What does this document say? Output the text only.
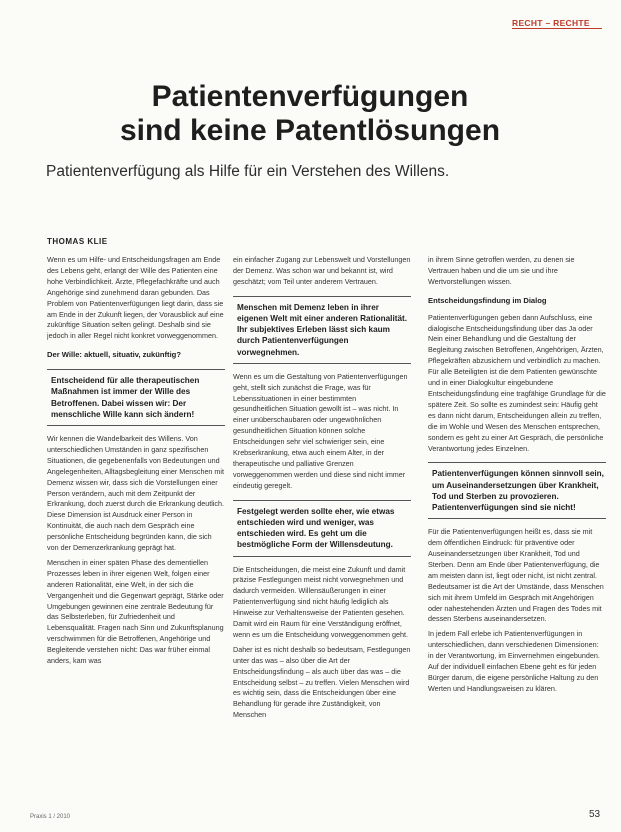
RECHT – RECHTE
Patientenverfügungen
sind keine Patentlösungen
Patientenverfügung als Hilfe für ein Verstehen des Willens.
THOMAS KLIE

Wenn es um Hilfe- und Entscheidungsfragen am Ende des Lebens geht, erlangt der Wille des Patienten eine hohe Verbindlichkeit. Ärzte, Pflegefachkräfte und auch Angehörige sind zunehmend daran gebunden. Das Problem von Patientenverfügungen liegt darin, dass sie am Ende in der Zukunft liegen, der Vorausblick auf eine zukünftige Situation selten gelingt. Deshalb sind sie jedoch in aller Regel nicht konkret vorweggenommen.

Der Wille: aktuell, situativ, zukünftig?
Entscheidend für alle therapeutischen Maßnahmen ist immer der Wille des Betroffenen. Dabei wissen wir: Der menschliche Wille kann sich ändern!

Wir kennen die Wandelbarkeit des Willens. Von unterschiedlichen Umständen in ganz spezifischen Situationen, die gegebenenfalls von Bedeutungen und Angelegenheiten, Alltagsbegleitung einer Menschen mit Demenz wissen wir, dass sich die Vorstellungen einer Person verändern, auch mit dem Zeitpunkt der Erkrankung, doch zuerst durch die Erkrankung deutlich. Diese Dimension ist Ausdruck einer Person in Kontinuität, die auch nach dem Gespräch eine persönliche Entscheidung begründen kann, die sich von der Demenzerkrankung geprägt hat.

Menschen in einer späten Phase des dementiellen Prozesses leben in ihrer eigenen Welt, folgen einer anderen Rationalität, eine Welt, in der sich die Vergangenheit und die Gegenwart geprägt, Stärke oder Umgebungen gewinnen eine zentrale Bedeutung für das Selbsterleben, für Zufriedenheit und Lebensqualität. Fragen nach Sinn und Zukunftsplanung verschwimmen für die Betroffenen, Angehörige und Begleitende verstehen nicht: Das war früher einmal anders, kam was

ein einfacher Zugang zur Lebenswelt und Vorstellungen der Demenz. Was schon war und bekannt ist, wird geschätzt; vom Teil unter anderem Vertrauen.

Menschen mit Demenz leben in ihrer eigenen Welt mit einer anderen Rationalität. Ihr subjektives Erleben lässt sich kaum durch Patientenverfügungen vorwegnehmen.

Wenn es um die Gestaltung von Patientenverfügungen geht, stellt sich zunächst die Frage, was für Lebenssituationen in einer bestimmten gesundheitlichen Situation gewollt ist – was nicht. In einer unüberschaubaren oder ungewöhnlichen gesundheitlichen Situation können solche Entscheidungen sehr viel schwieriger sein, eine Krebserkrankung, etwa auch einem Alter, in der therapeutische und palliative Grenzen vorweggenommen werden und diese sind nicht immer eindeutig geregelt.

Festgelegt werden sollte eher, wie etwas entschieden wird und weniger, was entschieden wird. Es geht um die bestmögliche Form der Willensdeutung.

Die Entscheidungen, die meist eine Zukunft und damit präzise Festlegungen meist nicht vorwegnehmen und dadurch vermeiden. Willensäußerungen in einer Patientenverfügung sind nicht häufig lediglich als Hinweise zur Verhaltensweise der Patienten gesehen. Damit wird ein Raum für eine Verständigung eröffnet, wenn es um die Entscheidung vorweggenommen geht.

Daher ist es nicht deshalb so bedeutsam, Festlegungen unter das was – also über die Art der Entscheidungsfindung – als auch über das was – die Entscheidung selbst – zu treffen. Vielen Menschen wird es wichtig sein, dass die Entscheidungen über eine Behandlung für gerade ihre Zuständigkeit, von Menschen

in ihrem Sinne getroffen werden, zu denen sie Vertrauen haben und die um sie und ihre Wertvorstellungen wissen.

Entscheidungsfindung im Dialog

Patientenverfügungen geben dann Aufschluss, eine dialogische Entscheidungsfindung über das Ja oder Nein einer Behandlung und die Gestaltung der Begleitung zwischen Betroffenen, Angehörigen, Ärzten, Pflegekräften abzusichern und verbindlich zu machen. Für alle Beteiligten ist die dem Patienten gewünschte und in einer Dialogkultur eingebundene Entscheidungsfindung eine tragfähige Grundlage für die spätere Zeit. So sollte es zumindest sein: Häufig geht es dann nicht darum, Entscheidungen allein zu treffen, die im Wohle und Wesen des Menschen entsprechen, sondern es geht zu einer Art Gespräch, die persönliche Verantwortung jedes Einzelnen.

Patientenverfügungen können sinnvoll sein, um Auseinandersetzungen über Krankheit, Tod und Sterben zu provozieren. Patientenverfügungen sind sie nicht!

Für die Patientenverfügungen heißt es, dass sie mit dem öffentlichen Eindruck: für präventive oder Auseinandersetzungen über Krankheit, Tod und Sterben. Denn am Ende über Patientenverfügung, die am meisten dann ist, liegt oder nicht, ist nicht zentral. Bedeutsamer ist die Art der Umstände, dass Menschen sich mit ihrem Umfeld im Gespräch mit Angehörigen oder nahestehenden Ärzten und Fragen des Todes mit dessen Sterbens auseinandersetzen.

In jedem Fall erlebe ich Patientenverfügungen in unterschiedlichen, dann verschiedenen Dimensionen: in der Verantwortung, im Einvernehmen eingebunden. Auf der individuell einfachen Ebene geht es für jeden Bürger darum, die eigene persönliche Haltung zu den Werten und Handlungsweisen zu klären.

Praxis 1 / 2010	53
